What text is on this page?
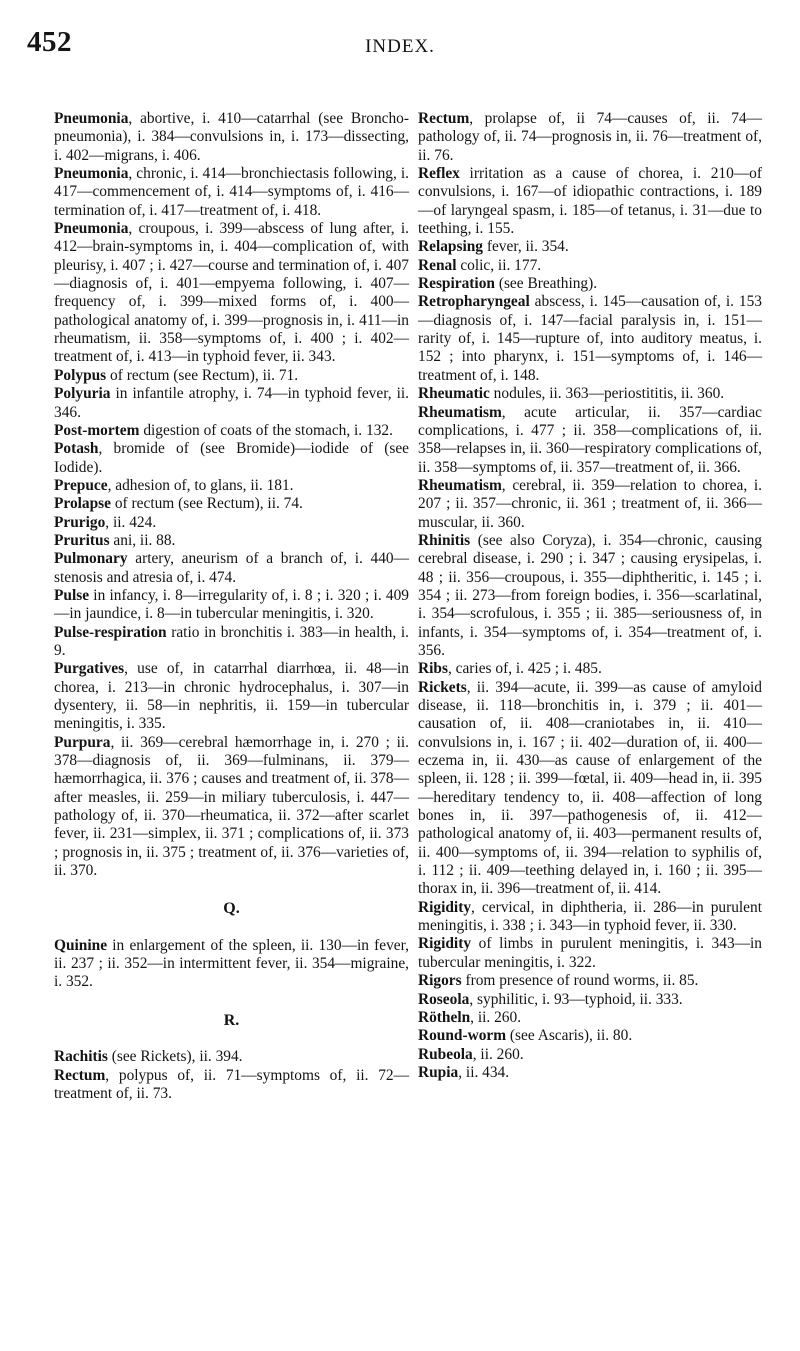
452	INDEX.

Pneumonia, abortive, i. 410—catarrhal (see Broncho-pneumonia), i. 384—convulsions in, i. 173—dissecting, i. 402—migrans, i. 406.

Pneumonia, chronic, i. 414—bronchiectasis following, i. 417—commencement of, i. 414—symptoms of, i. 416—termination of, i. 417—treatment of, i. 418.

Pneumonia, croupous, i. 399—abscess of lung after, i. 412—brain-symptoms in, i. 404—complication of, with pleurisy, i. 407 ; i. 427—course and termination of, i. 407—diagnosis of, i. 401—empyema following, i. 407—frequency of, i. 399—mixed forms of, i. 400—pathological anatomy of, i. 399—prognosis in, i. 411—in rheumatism, ii. 358—symptoms of, i. 400 ; i. 402—treatment of, i. 413—in typhoid fever, ii. 343.

Polypus of rectum (see Rectum), ii. 71.

Polyuria in infantile atrophy, i. 74—in typhoid fever, ii. 346.

Post-mortem digestion of coats of the stomach, i. 132.

Potash, bromide of (see Bromide)—iodide of (see Iodide).

Prepuce, adhesion of, to glans, ii. 181.

Prolapse of rectum (see Rectum), ii. 74.

Prurigo, ii. 424.

Pruritus ani, ii. 88.

Pulmonary artery, aneurism of a branch of, i. 440—stenosis and atresia of, i. 474.

Pulse in infancy, i. 8—irregularity of, i. 8 ; i. 320 ; i. 409—in jaundice, i. 8—in tubercular meningitis, i. 320.

Pulse-respiration ratio in bronchitis i. 383—in health, i. 9.

Purgatives, use of, in catarrhal diarrhœa, ii. 48—in chorea, i. 213—in chronic hydrocephalus, i. 307—in dysentery, ii. 58—in nephritis, ii. 159—in tubercular meningitis, i. 335.

Purpura, ii. 369—cerebral hæmorrhage in, i. 270 ; ii. 378—diagnosis of, ii. 369—fulminans, ii. 379—hæmorrhagica, ii. 376 ; causes and treatment of, ii. 378—after measles, ii. 259—in miliary tuberculosis, i. 447—pathology of, ii. 370—rheumatica, ii. 372—after scarlet fever, ii. 231—simplex, ii. 371 ; complications of, ii. 373 ; prognosis in, ii. 375 ; treatment of, ii. 376—varieties of, ii. 370.

Q.

Quinine in enlargement of the spleen, ii. 130—in fever, ii. 237 ; ii. 352—in intermittent fever, ii. 354—migraine, i. 352.

R.

Rachitis (see Rickets), ii. 394.

Rectum, polypus of, ii. 71—symptoms of, ii. 72—treatment of, ii. 73.

Rectum, prolapse of, ii 74—causes of, ii. 74—pathology of, ii. 74—prognosis in, ii. 76—treatment of, ii. 76.

Reflex irritation as a cause of chorea, i. 210—of convulsions, i. 167—of idiopathic contractions, i. 189—of laryngeal spasm, i. 185—of tetanus, i. 31—due to teething, i. 155.

Relapsing fever, ii. 354.

Renal colic, ii. 177.

Respiration (see Breathing).

Retropharyngeal abscess, i. 145—causation of, i. 153—diagnosis of, i. 147—facial paralysis in, i. 151—rarity of, i. 145—rupture of, into auditory meatus, i. 152 ; into pharynx, i. 151—symptoms of, i. 146—treatment of, i. 148.

Rheumatic nodules, ii. 363—periostititis, ii. 360.

Rheumatism, acute articular, ii. 357—cardiac complications, i. 477 ; ii. 358—complications of, ii. 358—relapses in, ii. 360—respiratory complications of, ii. 358—symptoms of, ii. 357—treatment of, ii. 366.

Rheumatism, cerebral, ii. 359—relation to chorea, i. 207 ; ii. 357—chronic, ii. 361 ; treatment of, ii. 366—muscular, ii. 360.

Rhinitis (see also Coryza), i. 354—chronic, causing cerebral disease, i. 290 ; i. 347 ; causing erysipelas, i. 48 ; ii. 356—croupous, i. 355—diphtheritic, i. 145 ; i. 354 ; ii. 273—from foreign bodies, i. 356—scarlatinal, i. 354—scrofulous, i. 355 ; ii. 385—seriousness of, in infants, i. 354—symptoms of, i. 354—treatment of, i. 356.

Ribs, caries of, i. 425 ; i. 485.

Rickets, ii. 394—acute, ii. 399—as cause of amyloid disease, ii. 118—bronchitis in, i. 379 ; ii. 401—causation of, ii. 408—craniotabes in, ii. 410—convulsions in, i. 167 ; ii. 402—duration of, ii. 400—eczema in, ii. 430—as cause of enlargement of the spleen, ii. 128 ; ii. 399—fœtal, ii. 409—head in, ii. 395—hereditary tendency to, ii. 408—affection of long bones in, ii. 397—pathogenesis of, ii. 412—pathological anatomy of, ii. 403—permanent results of, ii. 400—symptoms of, ii. 394—relation to syphilis of, i. 112 ; ii. 409—teething delayed in, i. 160 ; ii. 395—thorax in, ii. 396—treatment of, ii. 414.

Rigidity, cervical, in diphtheria, ii. 286—in purulent meningitis, i. 338 ; i. 343—in typhoid fever, ii. 330.

Rigidity of limbs in purulent meningitis, i. 343—in tubercular meningitis, i. 322.

Rigors from presence of round worms, ii. 85.

Roseola, syphilitic, i. 93—typhoid, ii. 333.

Rötheln, ii. 260.

Round-worm (see Ascaris), ii. 80.

Rubeola, ii. 260.

Rupia, ii. 434.
